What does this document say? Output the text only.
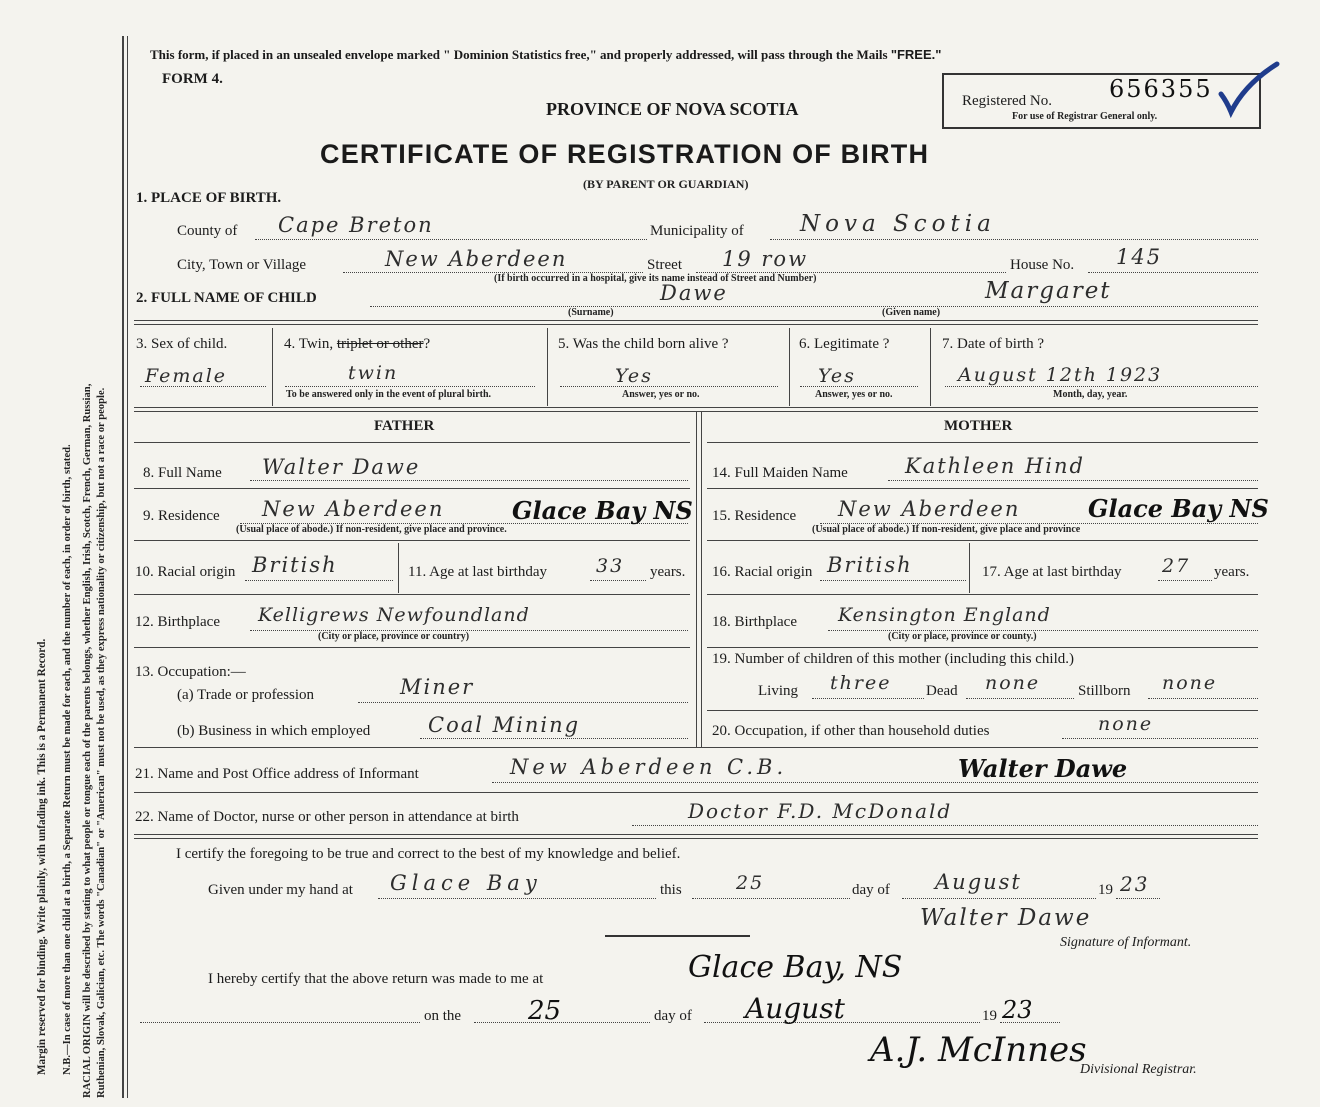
Margin reserved for binding. Write plainly, with unfading ink. This is a Permanent Record. N.B.—In case of more than one child at a birth, a Separate Return must be made for each, and the number of each, in order of birth, stated. RACIAL ORIGIN will be described by stating to what people or tongue each of the parents belongs, whether English, Irish, Scotch, French, German, Russian, Ruthenian, Slovak, Galician, etc. The words "Canadian" or "American" must not be used, as they express nationality or citizenship, but not a race or people.
This form, if placed in an unsealed envelope marked " Dominion Statistics free," and properly addressed, will pass through the Mails "FREE."
FORM 4.
PROVINCE OF NOVA SCOTIA
CERTIFICATE OF REGISTRATION OF BIRTH
(BY PARENT OR GUARDIAN)
Registered No. 656355
For use of Registrar General only.
1. PLACE OF BIRTH.
County of Cape Breton	Municipality of Nova Scotia
City, Town or Village	New Aberdeen	Street 19 row	House No. 145
(If birth occurred in a hospital, give its name instead of Street and Number)
2. FULL NAME OF CHILD	Dawe	Margaret
(Surname)	(Given name)
3. Sex of child.
Female
4. Twin, triplet or other?
twin
To be answered only in the event of plural birth.
5. Was the child born alive ?
Yes
Answer, yes or no.
6. Legitimate ?
Yes
Answer, yes or no.
7. Date of birth ?
August 12th 1923
Month, day, year.
FATHER
8. Full Name Walter Dawe
9. Residence New Aberdeen	Glace Bay NS
(Usual place of abode.) If non-resident, give place and province.
10. Racial origin British	11. Age at last birthday	33 years.
12. Birthplace Kelligrews Newfoundland
(City or place, province or country)
13. Occupation:—
(a) Trade or profession	Miner
(b) Business in which employed	Coal Mining
MOTHER
14. Full Maiden Name	Kathleen Hind
15. Residence New Aberdeen	Glace Bay NS
(Usual place of abode.) If non-resident, give place and province
16. Racial origin British	17. Age at last birthday 27 years.
18. Birthplace Kensington England
(City or place, province or county.)
19. Number of children of this mother (including this child.)
Living three Dead none	Stillborn none
20. Occupation, if other than household duties	none
21. Name and Post Office address of Informant	New Aberdeen C.B.	Walter Dawe
22. Name of Doctor, nurse or other person in attendance at birth	Doctor F.D. McDonald
I certify the foregoing to be true and correct to the best of my knowledge and belief.
Given under my hand at Glace Bay	this	25	day of August	19 23
Walter Dawe
Signature of Informant.
I hereby certify that the above return was made to me at	Glace Bay, NS
on the	25	day of August	19 23
A.J. McInnes
Divisional Registrar.
